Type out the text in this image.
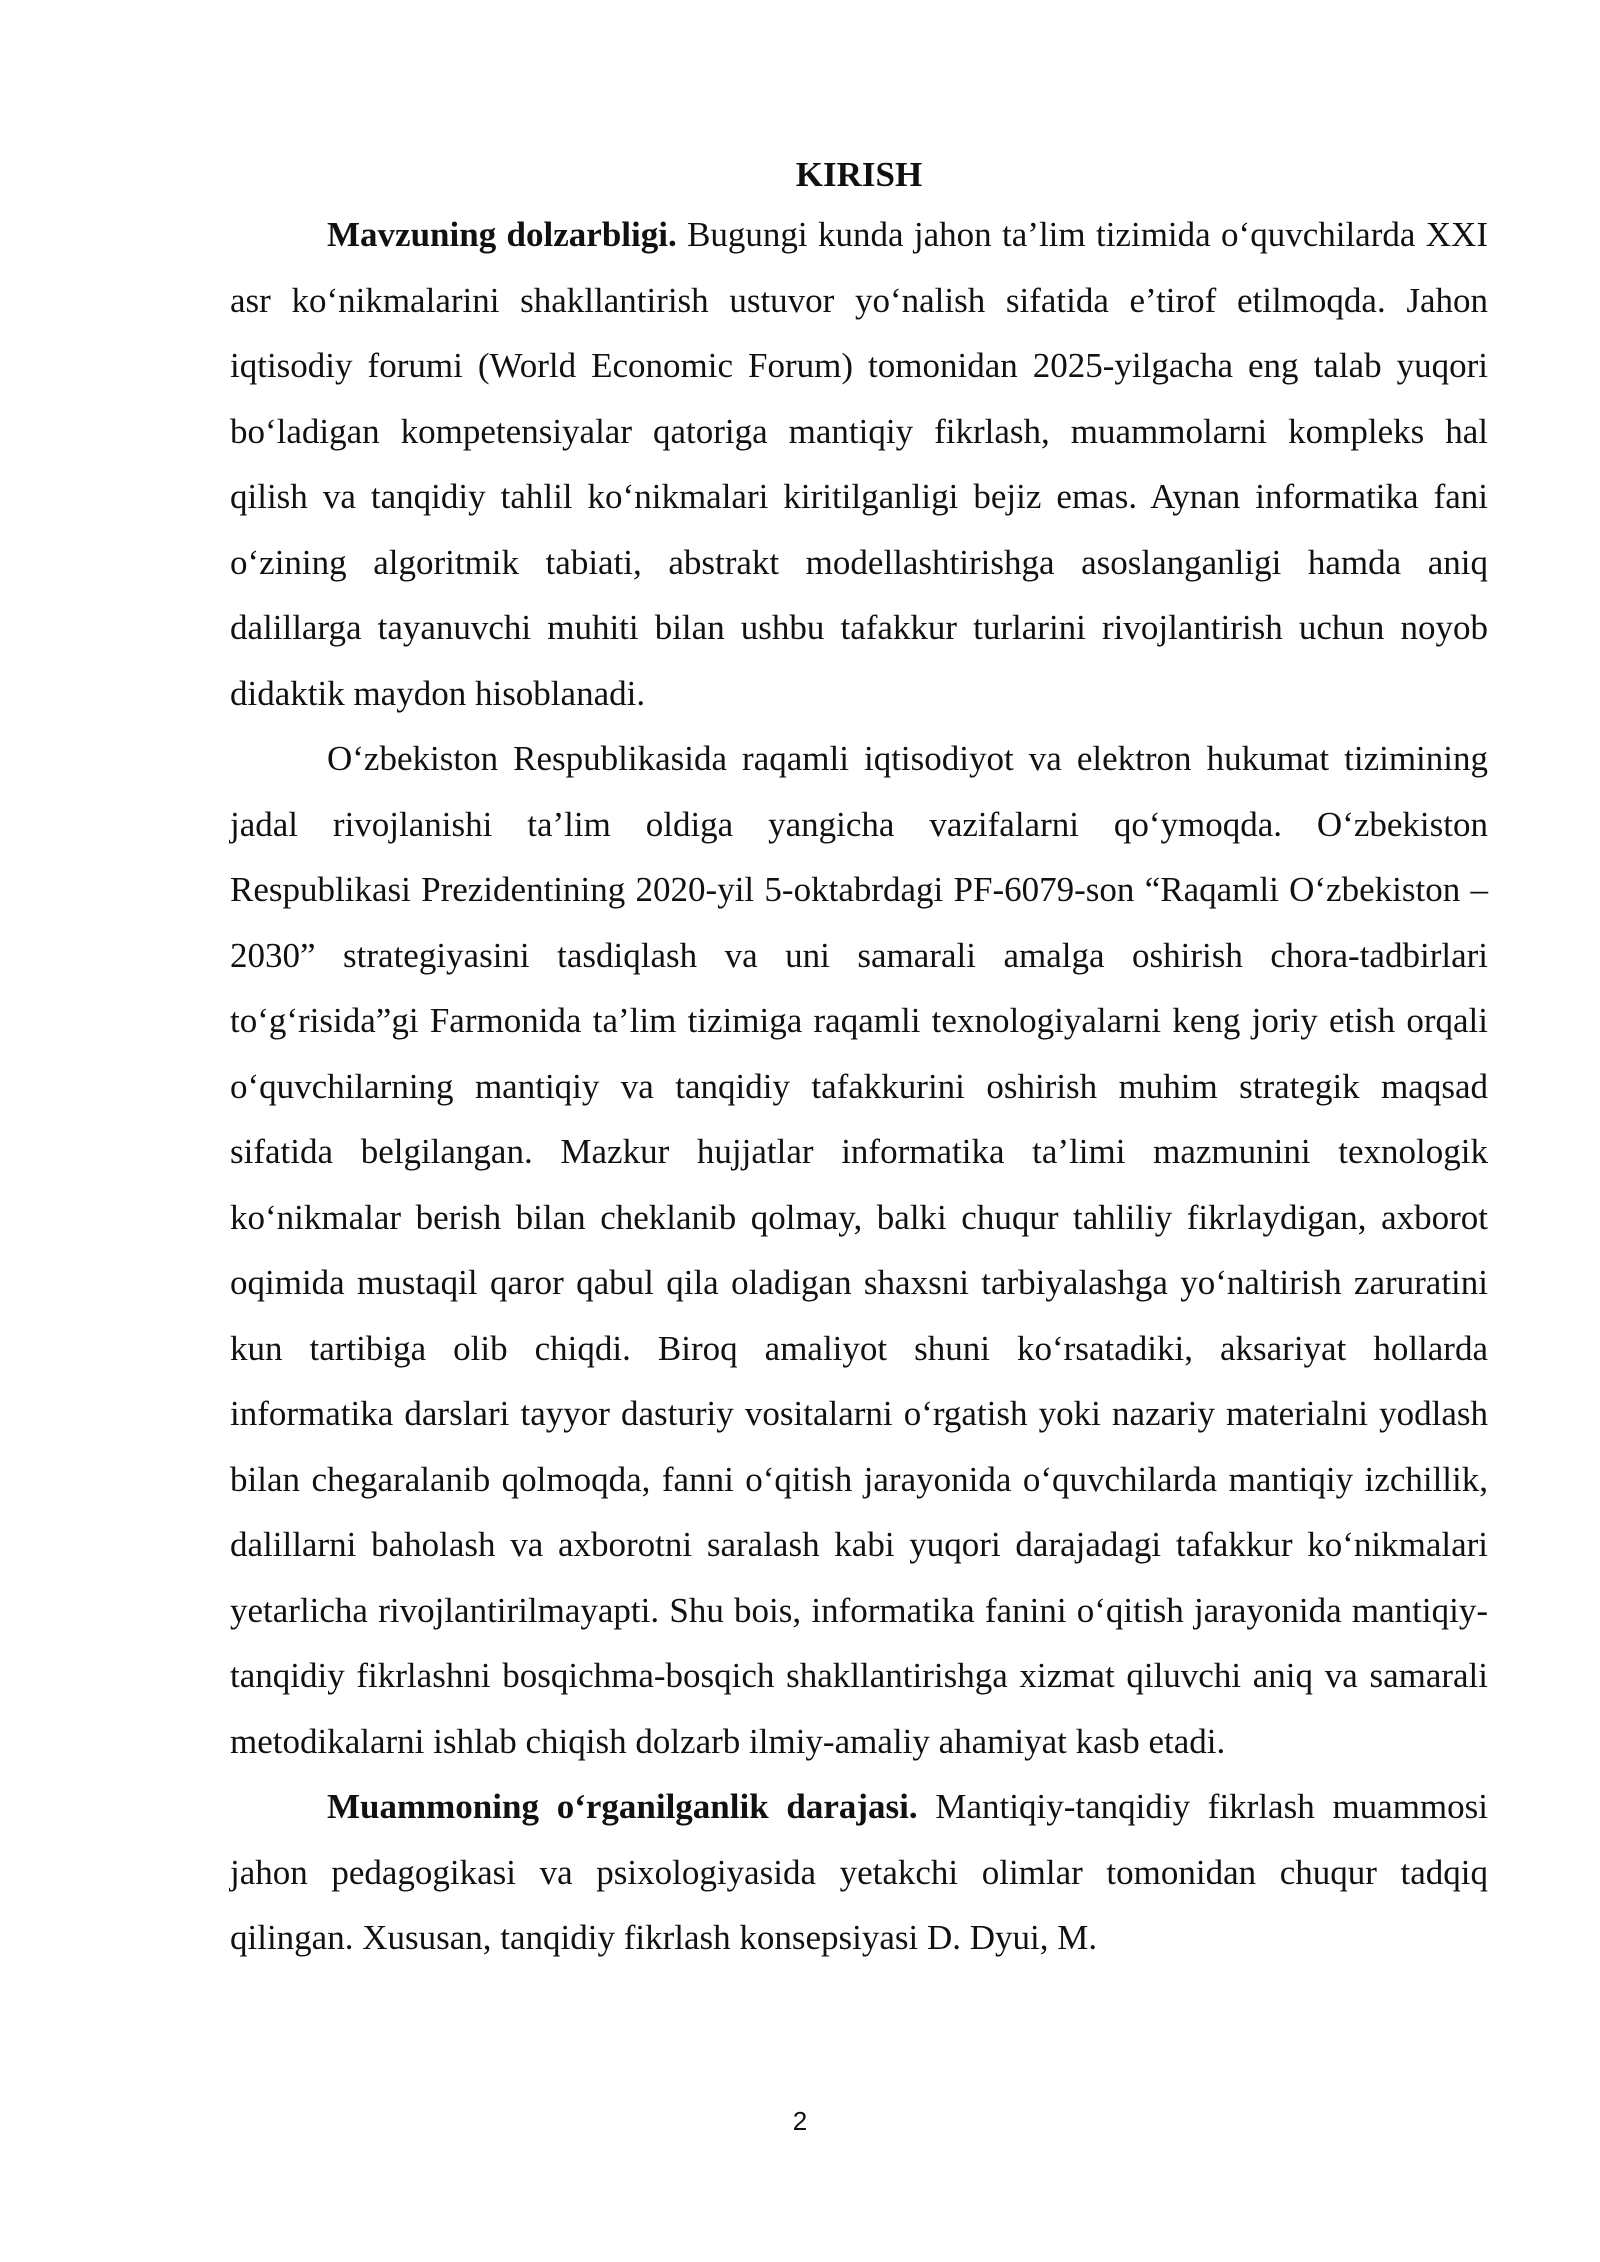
KIRISH

Mavzuning dolzarbligi. Bugungi kunda jahon ta’lim tizimida o‘quvchilarda XXI asr ko‘nikmalarini shakllantirish ustuvor yo‘nalish sifatida e’tirof etilmoqda. Jahon iqtisodiy forumi (World Economic Forum) tomonidan 2025-yilgacha eng talab yuqori bo‘ladigan kompetensiyalar qatoriga mantiqiy fikrlash, muammolarni kompleks hal qilish va tanqidiy tahlil ko‘nikmalari kiritilganligi bejiz emas. Aynan informatika fani o‘zining algoritmik tabiati, abstrakt modellashtirishga asoslanganligi hamda aniq dalillarga tayanuvchi muhiti bilan ushbu tafakkur turlarini rivojlantirish uchun noyob didaktik maydon hisoblanadi.

O‘zbekiston Respublikasida raqamli iqtisodiyot va elektron hukumat tizimining jadal rivojlanishi ta’lim oldiga yangicha vazifalarni qo‘ymoqda. O‘zbekiston Respublikasi Prezidentining 2020-yil 5-oktabrdagi PF-6079-son “Raqamli O‘zbekiston – 2030” strategiyasini tasdiqlash va uni samarali amalga oshirish chora-tadbirlari to‘g‘risida”gi Farmonida ta’lim tizimiga raqamli texnologiyalarni keng joriy etish orqali o‘quvchilarning mantiqiy va tanqidiy tafakkurini oshirish muhim strategik maqsad sifatida belgilangan. Mazkur hujjatlar informatika ta’limi mazmunini texnologik ko‘nikmalar berish bilan cheklanib qolmay, balki chuqur tahliliy fikrlaydigan, axborot oqimida mustaqil qaror qabul qila oladigan shaxsni tarbiyalashga yo‘naltirish zaruratini kun tartibiga olib chiqdi. Biroq amaliyot shuni ko‘rsatadiki, aksariyat hollarda informatika darslari tayyor dasturiy vositalarni o‘rgatish yoki nazariy materialni yodlash bilan chegaralanib qolmoqda, fanni o‘qitish jarayonida o‘quvchilarda mantiqiy izchillik, dalillarni baholash va axborotni saralash kabi yuqori darajadagi tafakkur ko‘nikmalari yetarlicha rivojlantirilmayapti. Shu bois, informatika fanini o‘qitish jarayonida mantiqiy-tanqidiy fikrlashni bosqichma-bosqich shakllantirishga xizmat qiluvchi aniq va samarali metodikalarni ishlab chiqish dolzarb ilmiy-amaliy ahamiyat kasb etadi.

Muammoning o‘rganilganlik darajasi. Mantiqiy-tanqidiy fikrlash muammosi jahon pedagogikasi va psixologiyasida yetakchi olimlar tomonidan chuqur tadqiq qilingan. Xususan, tanqidiy fikrlash konsepsiyasi D. Dyui, M.

2
